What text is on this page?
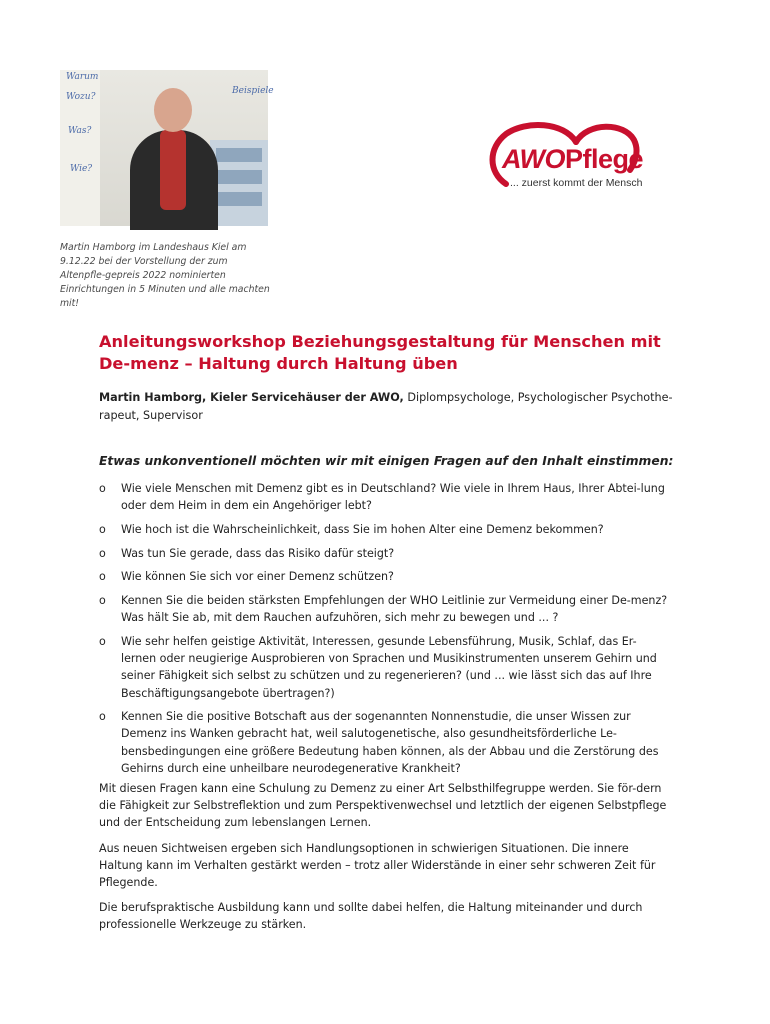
Warum
Wozu?
Was?
Wie?
Beispiele
Martin Hamborg im Landeshaus Kiel am 9.12.22 bei der Vorstellung der zum Altenpfle-gepreis 2022 nominierten Einrichtungen in 5 Minuten und alle machten mit!
AWOPflege
... zuerst kommt der Mensch
Anleitungsworkshop Beziehungsgestaltung für Menschen mit De-menz – Haltung durch Haltung üben
Martin Hamborg, Kieler Servicehäuser der AWO, Diplompsychologe, Psychologischer Psychothe-rapeut, Supervisor
Etwas unkonventionell möchten wir mit einigen Fragen auf den Inhalt einstimmen:
o Wie viele Menschen mit Demenz gibt es in Deutschland? Wie viele in Ihrem Haus, Ihrer Abtei-lung oder dem Heim in dem ein Angehöriger lebt?
o Wie hoch ist die Wahrscheinlichkeit, dass Sie im hohen Alter eine Demenz bekommen?
o Was tun Sie gerade, dass das Risiko dafür steigt?
o Wie können Sie sich vor einer Demenz schützen?
o Kennen Sie die beiden stärksten Empfehlungen der WHO Leitlinie zur Vermeidung einer De-menz? Was hält Sie ab, mit dem Rauchen aufzuhören, sich mehr zu bewegen und ... ?
o Wie sehr helfen geistige Aktivität, Interessen, gesunde Lebensführung, Musik, Schlaf, das Er-lernen oder neugierige Ausprobieren von Sprachen und Musikinstrumenten unserem Gehirn und seiner Fähigkeit sich selbst zu schützen und zu regenerieren? (und ... wie lässt sich das auf Ihre Beschäftigungsangebote übertragen?)
o Kennen Sie die positive Botschaft aus der sogenannten Nonnenstudie, die unser Wissen zur Demenz ins Wanken gebracht hat, weil salutogenetische, also gesundheitsförderliche Le-bensbedingungen eine größere Bedeutung haben können, als der Abbau und die Zerstörung des Gehirns durch eine unheilbare neurodegenerative Krankheit?

Mit diesen Fragen kann eine Schulung zu Demenz zu einer Art Selbsthilfegruppe werden. Sie för-dern die Fähigkeit zur Selbstreflektion und zum Perspektivenwechsel und letztlich der eigenen Selbstpflege und der Entscheidung zum lebenslangen Lernen.

Aus neuen Sichtweisen ergeben sich Handlungsoptionen in schwierigen Situationen. Die innere Haltung kann im Verhalten gestärkt werden – trotz aller Widerstände in einer sehr schweren Zeit für Pflegende.

Die berufspraktische Ausbildung kann und sollte dabei helfen, die Haltung miteinander und durch professionelle Werkzeuge zu stärken.
